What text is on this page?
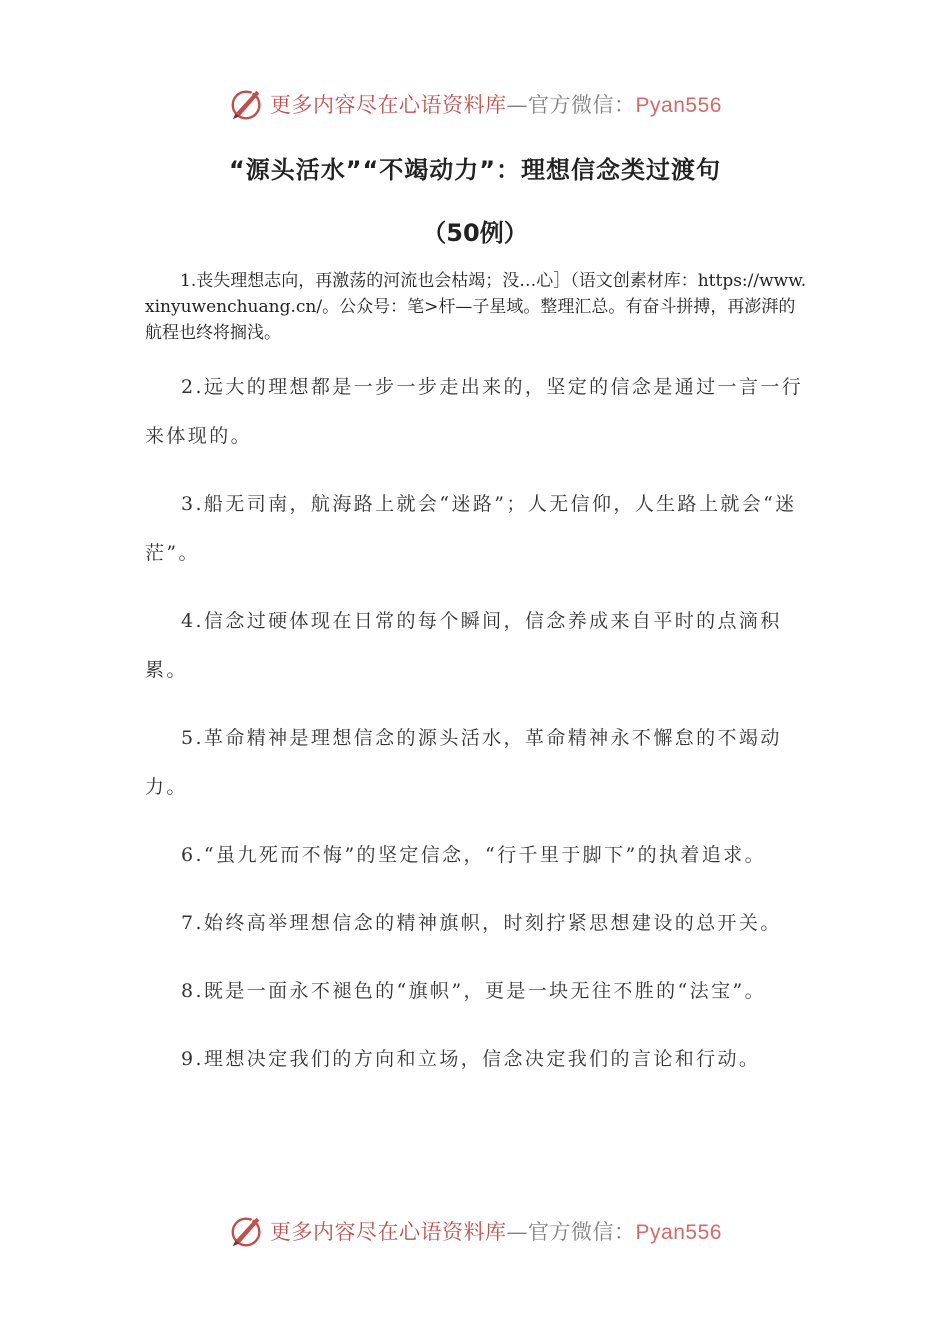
更多内容尽在心语资料库—官方微信：Pyan556
“源头活水”“不竭动力”：理想信念类过渡句
（50例）
1.丧失理想志向，再激荡的河流也会枯竭；没…心］（语文创素材库：https://www.xinyuwenchuang.cn/。公众号：笔>杆—子星域。整理汇总。有奋斗拼搏，再澎湃的航程也终将搁浅。

2.远大的理想都是一步一步走出来的，坚定的信念是通过一言一行来体现的。

3.船无司南，航海路上就会“迷路”；人无信仰，人生路上就会“迷茫”。

4.信念过硬体现在日常的每个瞬间，信念养成来自平时的点滴积累。

5.革命精神是理想信念的源头活水，革命精神永不懈怠的不竭动力。

6.“虽九死而不悔”的坚定信念，“行千里于脚下”的执着追求。

7.始终高举理想信念的精神旗帜，时刻拧紧思想建设的总开关。

8.既是一面永不褪色的“旗帜”，更是一块无往不胜的“法宝”。

9.理想决定我们的方向和立场，信念决定我们的言论和行动。

更多内容尽在心语资料库—官方微信：Pyan556
